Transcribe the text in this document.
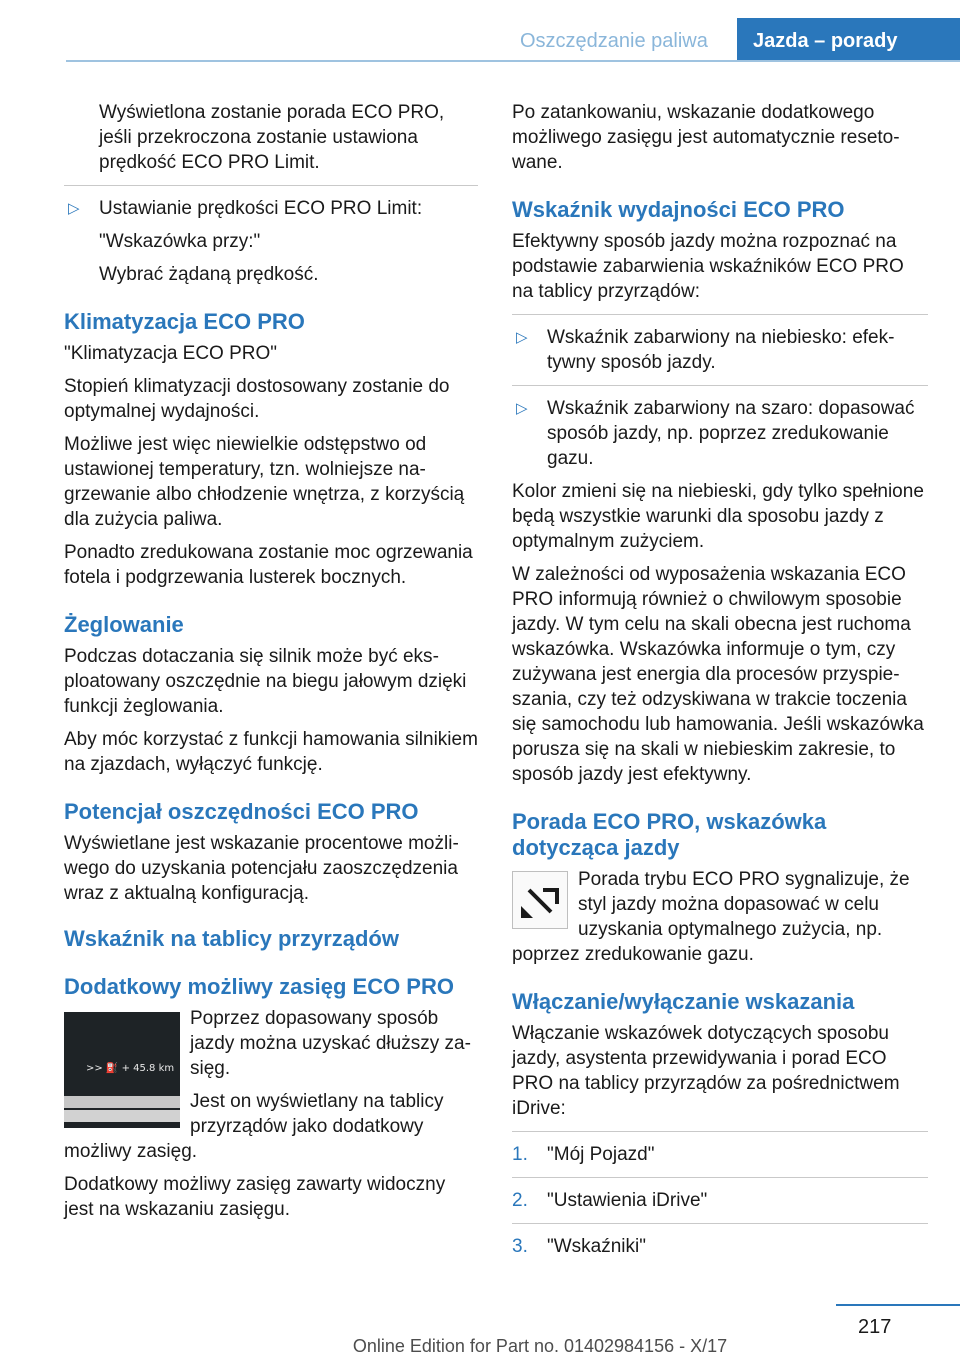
Oszczędzanie paliwa	Jazda – porady

Wyświetlona zostanie porada ECO PRO, jeśli przekroczona zostanie ustawiona prędkość ECO PRO Limit.

▷ Ustawianie prędkości ECO PRO Limit:

"Wskazówka przy:"

Wybrać żądaną prędkość.

Klimatyzacja ECO PRO

"Klimatyzacja ECO PRO"

Stopień klimatyzacji dostosowany zostanie do optymalnej wydajności.

Możliwe jest więc niewielkie odstępstwo od ustawionej temperatury, tzn. wolniejsze nagrzewanie albo chłodzenie wnętrza, z korzyścią dla zużycia paliwa.

Ponadto zredukowana zostanie moc ogrzewania fotela i podgrzewania lusterek bocznych.

Żeglowanie

Podczas dotaczania się silnik może być eksploatowany oszczędnie na biegu jałowym dzięki funkcji żeglowania.

Aby móc korzystać z funkcji hamowania silnikiem na zjazdach, wyłączyć funkcję.

Potencjał oszczędności ECO PRO

Wyświetlane jest wskazanie procentowe możliwego do uzyskania potencjału zaoszczędzenia wraz z aktualną konfiguracją.

Wskaźnik na tablicy przyrządów
Dodatkowy możliwy zasięg ECO PRO
>> ⛽ + 45.8 km

Poprzez dopasowany sposób jazdy można uzyskać dłuższy zasięg.

Jest on wyświetlany na tablicy przyrządów jako dodatkowy

możliwy zasięg.

Dodatkowy możliwy zasięg zawarty widoczny jest na wskazaniu zasięgu.

Po zatankowaniu, wskazanie dodatkowego możliwego zasięgu jest automatycznie resetowane.

Wskaźnik wydajności ECO PRO

Efektywny sposób jazdy można rozpoznać na podstawie zabarwienia wskaźników ECO PRO na tablicy przyrządów:

▷ Wskaźnik zabarwiony na niebiesko: efektywny sposób jazdy.
▷ Wskaźnik zabarwiony na szaro: dopasować sposób jazdy, np. poprzez zredukowanie gazu.

Kolor zmieni się na niebieski, gdy tylko spełnione będą wszystkie warunki dla sposobu jazdy z optymalnym zużyciem.

W zależności od wyposażenia wskazania ECO PRO informują również o chwilowym sposobie jazdy. W tym celu na skali obecna jest ruchoma wskazówka. Wskazówka informuje o tym, czy zużywana jest energia dla procesów przyspieszania, czy też odzyskiwana w trakcie toczenia się samochodu lub hamowania. Jeśli wskazówka porusza się na skali w niebieskim zakresie, to sposób jazdy jest efektywny.

Porada ECO PRO, wskazówka dotycząca jazdy

Porada trybu ECO PRO sygnalizuje, że styl jazdy można dopasować w celu uzyskania optymalnego zużycia, np.

poprzez zredukowanie gazu.

Włączanie/wyłączanie wskazania

Włączanie wskazówek dotyczących sposobu jazdy, asystenta przewidywania i porad ECO PRO na tablicy przyrządów za pośrednictwem iDrive:

1. "Mój Pojazd"
2. "Ustawienia iDrive"
3. "Wskaźniki"
217
Online Edition for Part no. 01402984156 - X/17
